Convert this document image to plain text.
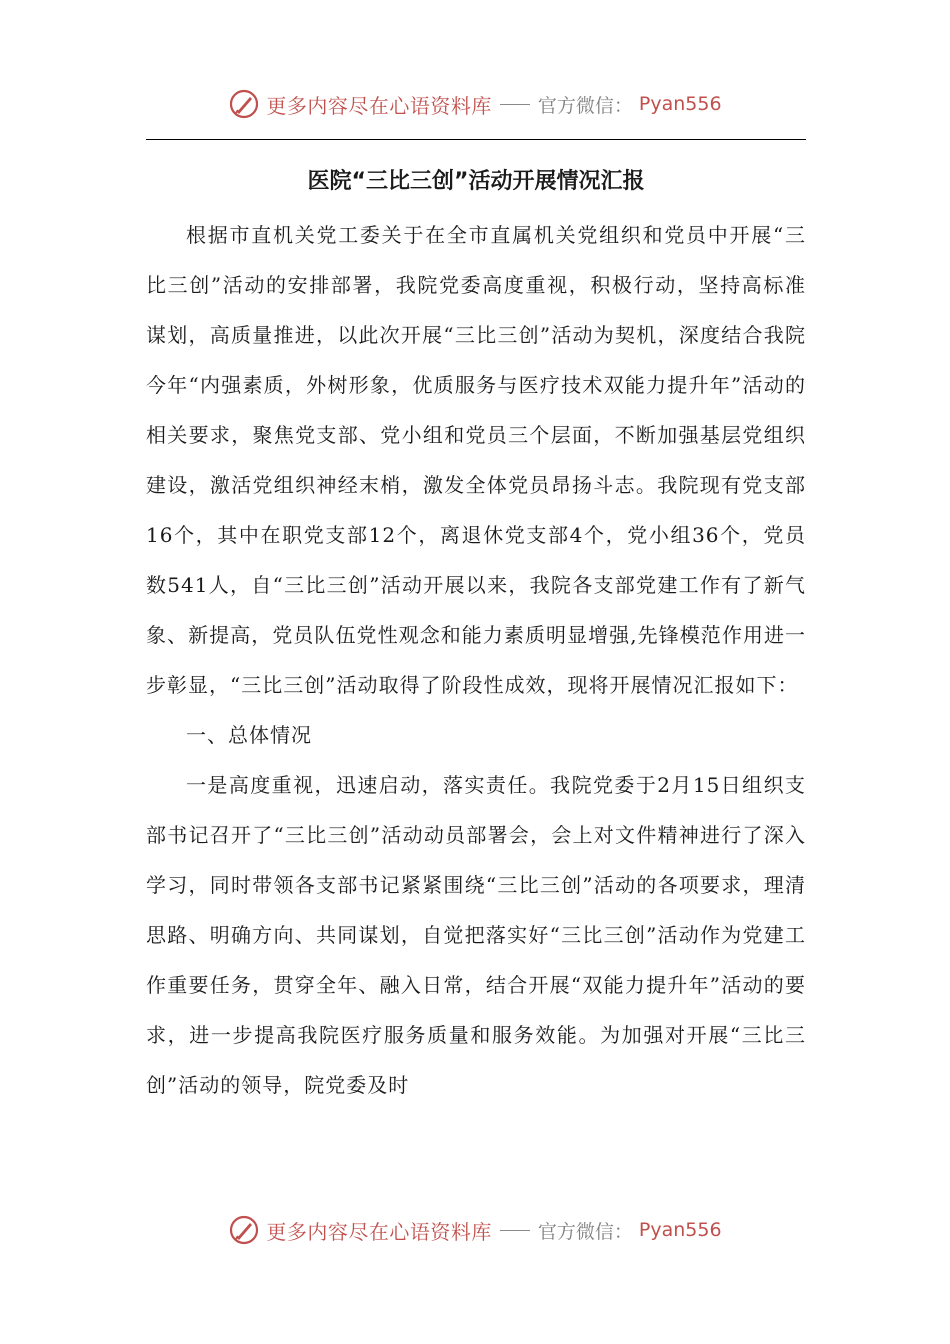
更多内容尽在心语资料库 官方微信： Pyan556
医院“三比三创”活动开展情况汇报

根据市直机关党工委关于在全市直属机关党组织和党员中开展“三比三创”活动的安排部署，我院党委高度重视，积极行动，坚持高标准谋划，高质量推进，以此次开展“三比三创”活动为契机，深度结合我院今年“内强素质，外树形象，优质服务与医疗技术双能力提升年”活动的相关要求，聚焦党支部、党小组和党员三个层面，不断加强基层党组织建设，激活党组织神经末梢，激发全体党员昂扬斗志。我院现有党支部16个，其中在职党支部12个，离退休党支部4个，党小组36个，党员数541人，自“三比三创”活动开展以来，我院各支部党建工作有了新气象、新提高，党员队伍党性观念和能力素质明显增强,先锋模范作用进一步彰显，“三比三创”活动取得了阶段性成效，现将开展情况汇报如下：

一、总体情况

一是高度重视，迅速启动，落实责任。我院党委于2月15日组织支部书记召开了“三比三创”活动动员部署会，会上对文件精神进行了深入学习，同时带领各支部书记紧紧围绕“三比三创”活动的各项要求，理清思路、明确方向、共同谋划，自觉把落实好“三比三创”活动作为党建工作重要任务，贯穿全年、融入日常，结合开展“双能力提升年”活动的要求，进一步提高我院医疗服务质量和服务效能。为加强对开展“三比三创”活动的领导，院党委及时

更多内容尽在心语资料库 官方微信： Pyan556
